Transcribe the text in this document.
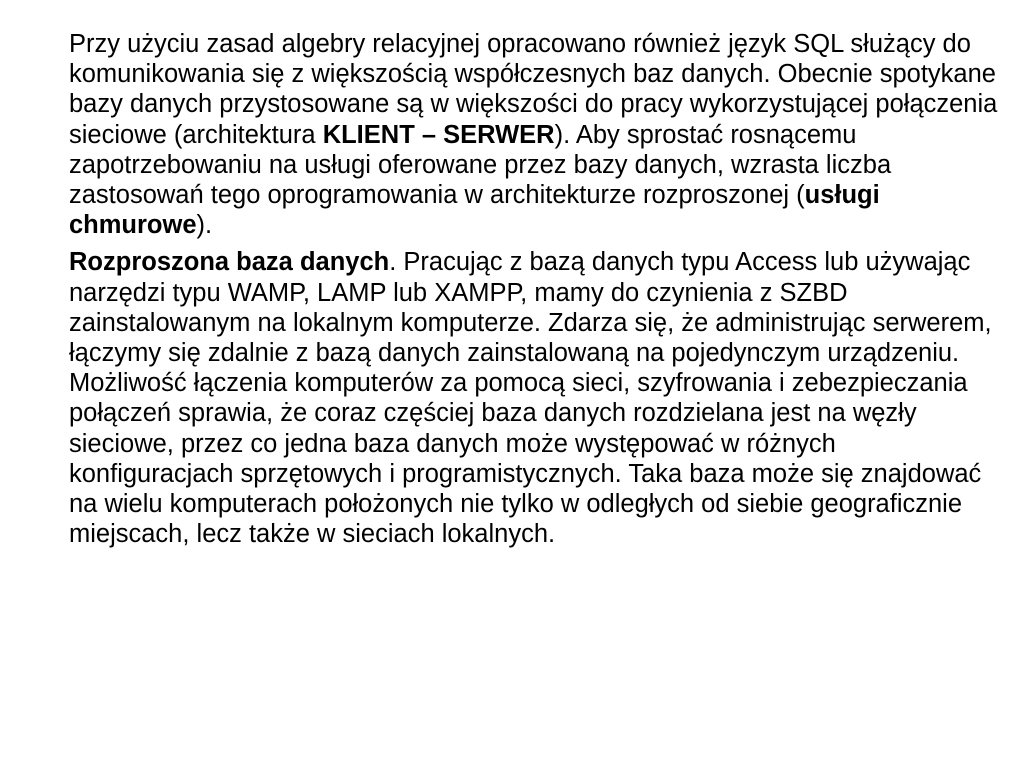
Przy użyciu zasad algebry relacyjnej opracowano również język SQL służący do komunikowania się z większością współczesnych baz danych. Obecnie spotykane bazy danych przystosowane są w większości do pracy wykorzystującej połączenia sieciowe (architektura KLIENT – SERWER). Aby sprostać rosnącemu zapotrzebowaniu na usługi oferowane przez bazy danych, wzrasta liczba zastosowań tego oprogramowania w architekturze rozproszonej (usługi chmurowe).

Rozproszona baza danych. Pracując z bazą danych typu Access lub używając narzędzi typu WAMP, LAMP lub XAMPP, mamy do czynienia z SZBD zainstalowanym na lokalnym komputerze. Zdarza się, że administrując serwerem, łączymy się zdalnie z bazą danych zainstalowaną na pojedynczym urządzeniu. Możliwość łączenia komputerów za pomocą sieci, szyfrowania i zebezpieczania połączeń sprawia, że coraz częściej baza danych rozdzielana jest na węzły sieciowe, przez co jedna baza danych może występować w różnych konfiguracjach sprzętowych i programistycznych. Taka baza może się znajdować na wielu komputerach położonych nie tylko w odległych od siebie geograficznie miejscach, lecz także w sieciach lokalnych.
